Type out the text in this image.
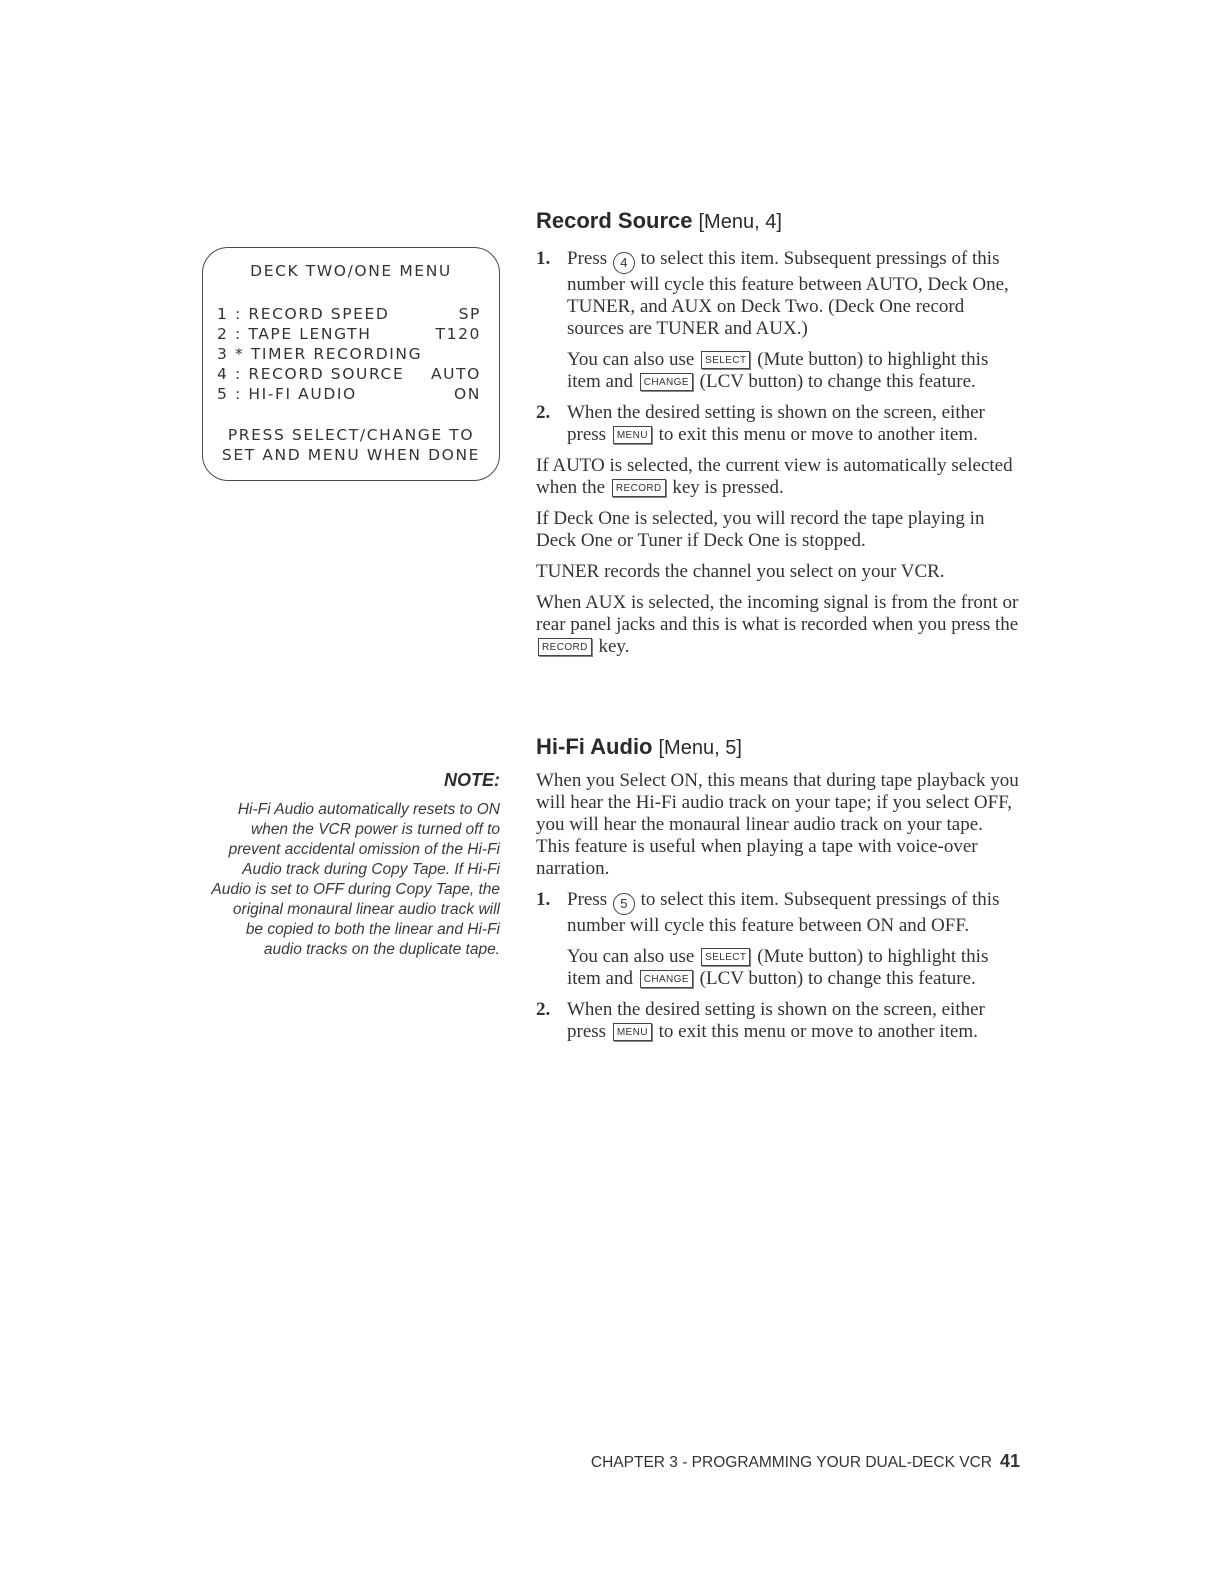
DECK TWO/ONE MENU
1 : RECORD SPEED	SP
2 : TAPE LENGTH	T120
3 * TIMER RECORDING
4 : RECORD SOURCE AUTO
5 : HI-FI AUDIO	ON
PRESS SELECT/CHANGE TO
SET AND MENU WHEN DONE
NOTE:
Hi-Fi Audio automatically resets to ON
when the VCR power is turned off to
prevent accidental omission of the Hi-Fi
Audio track during Copy Tape. If Hi-Fi
Audio is set to OFF during Copy Tape, the
original monaural linear audio track will
be copied to both the linear and Hi-Fi
audio tracks on the duplicate tape.
Record Source [Menu, 4]
1. Press 4 to select this item. Subsequent pressings of this number will cycle this feature between AUTO, Deck One, TUNER, and AUX on Deck Two. (Deck One record sources are TUNER and AUX.)
You can also use SELECT (Mute button) to highlight this item and CHANGE (LCV button) to change this feature.
2. When the desired setting is shown on the screen, either press MENU to exit this menu or move to another item.

If AUTO is selected, the current view is automatically selected when the RECORD key is pressed.

If Deck One is selected, you will record the tape playing in Deck One or Tuner if Deck One is stopped.

TUNER records the channel you select on your VCR.

When AUX is selected, the incoming signal is from the front or rear panel jacks and this is what is recorded when you press the RECORD key.

Hi-Fi Audio [Menu, 5]

When you Select ON, this means that during tape playback you will hear the Hi-Fi audio track on your tape; if you select OFF, you will hear the monaural linear audio track on your tape. This feature is useful when playing a tape with voice-over narration.

1. Press 5 to select this item. Subsequent pressings of this number will cycle this feature between ON and OFF.
You can also use SELECT (Mute button) to highlight this item and CHANGE (LCV button) to change this feature.
2. When the desired setting is shown on the screen, either press MENU to exit this menu or move to another item.
CHAPTER 3 - PROGRAMMING YOUR DUAL-DECK VCR 41
